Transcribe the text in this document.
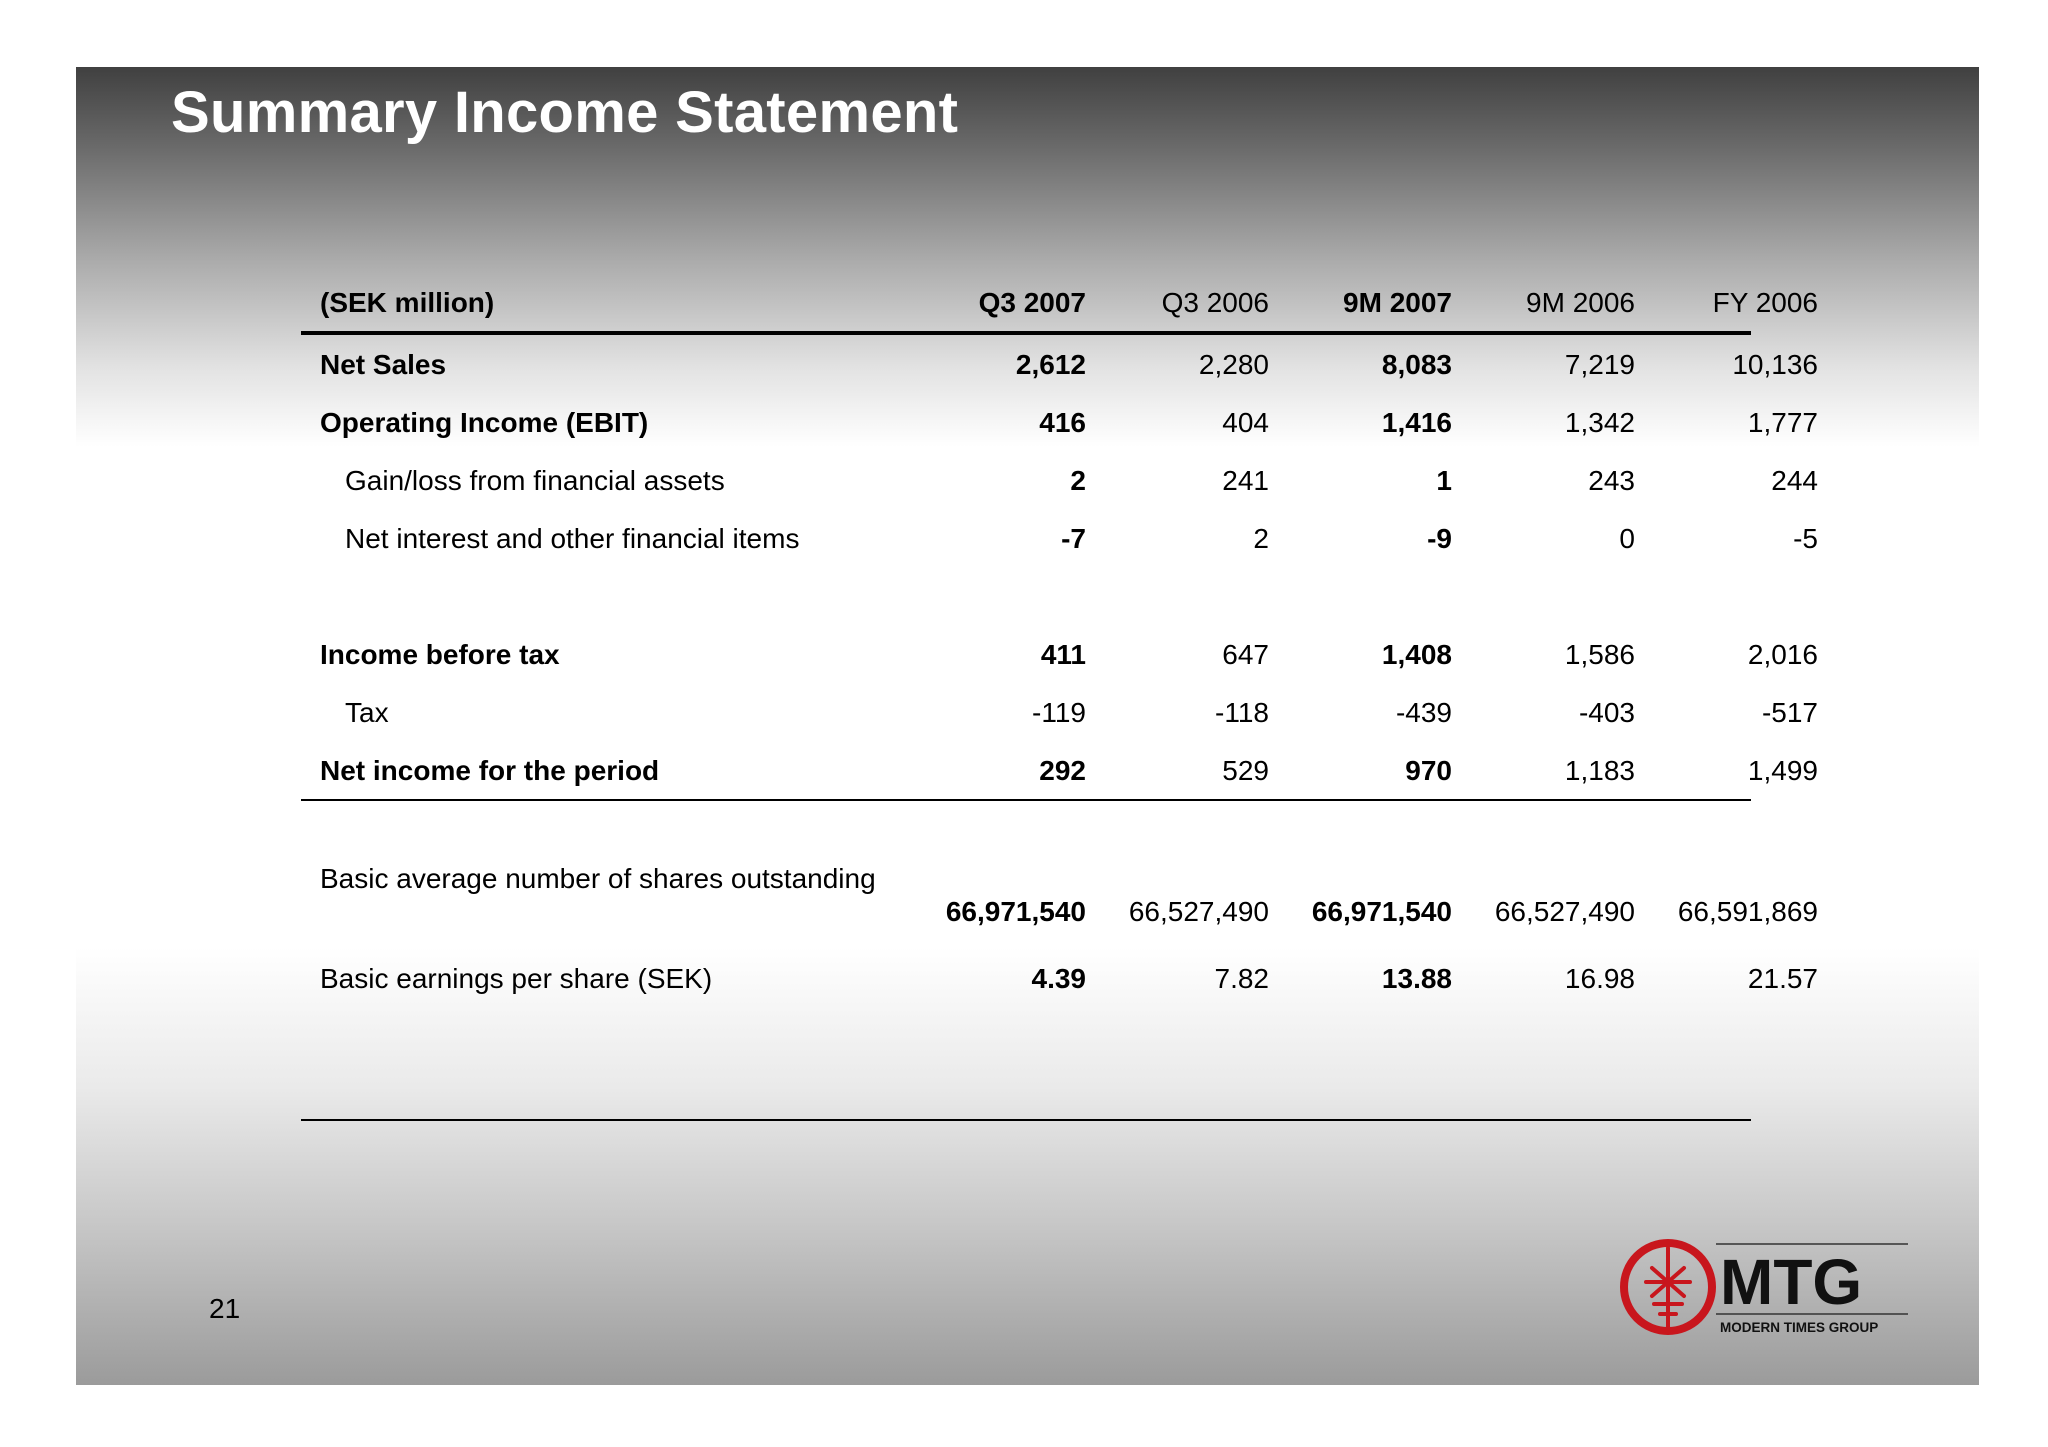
Summary Income Statement
(SEK million)	Q3 2007	Q3 2006	9M 2007	9M 2006	FY 2006
Net Sales	2,612	2,280	8,083	7,219	10,136
Operating Income (EBIT)	416	404	1,416	1,342	1,777
Gain/loss from financial assets	2	241	1	243	244
Net interest and other financial items	-7	2	-9	0	-5
Income before tax	411	647	1,408	1,586	2,016
Tax	-119	-118	-439	-403	-517
Net income for the period	292	529	970	1,183	1,499
Basic average number of shares outstanding
66,971,540	66,527,490	66,971,540	66,527,490	66,591,869
Basic earnings per share (SEK)	4.39	7.82	13.88	16.98	21.57
21	MTG
MODERN TIMES GROUP
